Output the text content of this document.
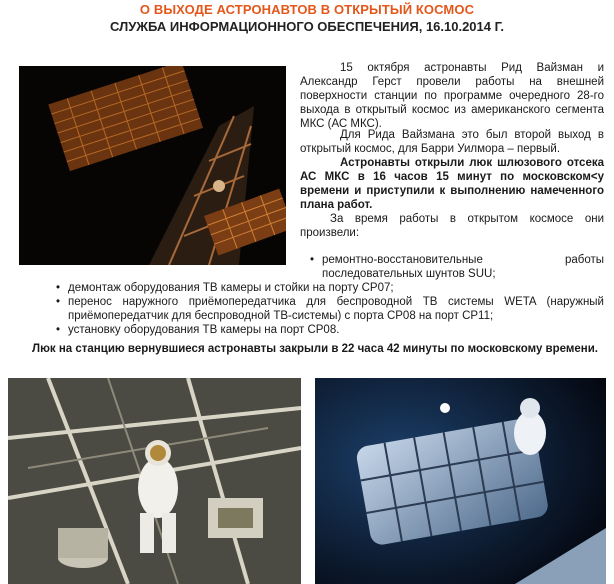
О ВЫХОДЕ АСТРОНАВТОВ В ОТКРЫТЫЙ КОСМОС
СЛУЖБА ИНФОРМАЦИОННОГО ОБЕСПЕЧЕНИЯ, 16.10.2014 Г.
15 октября астронавты Рид Вайзман и Александр Герст провели работы на внешней поверхности станции по программе очередного 28-го выхода в открытый космос из американского сегмента МКС (АС МКС).
Для Рида Вайзмана это был второй выход в открытый космос, для Барри Уилмора – первый.
Астронавты открыли люк шлюзового отсека АС МКС в 16 часов 15 минут по московском<у времени и приступили к выполнению намеченного плана работ.
За время работы в открытом космосе они произвели:
• ремонтно-восстановительные работы последовательных шунтов SUU;
• демонтаж оборудования ТВ камеры и стойки на порту CP07;
• перенос наружного приёмопередатчика для беспроводной ТВ системы WETA (наружный приёмопередатчик для беспроводной ТВ-системы) с порта CP08 на порт CP11;
• установку оборудования ТВ камеры на порт CP08.
Люк на станцию вернувшиеся астронавты закрыли в 22 часа 42 минуты по московскому времени.
